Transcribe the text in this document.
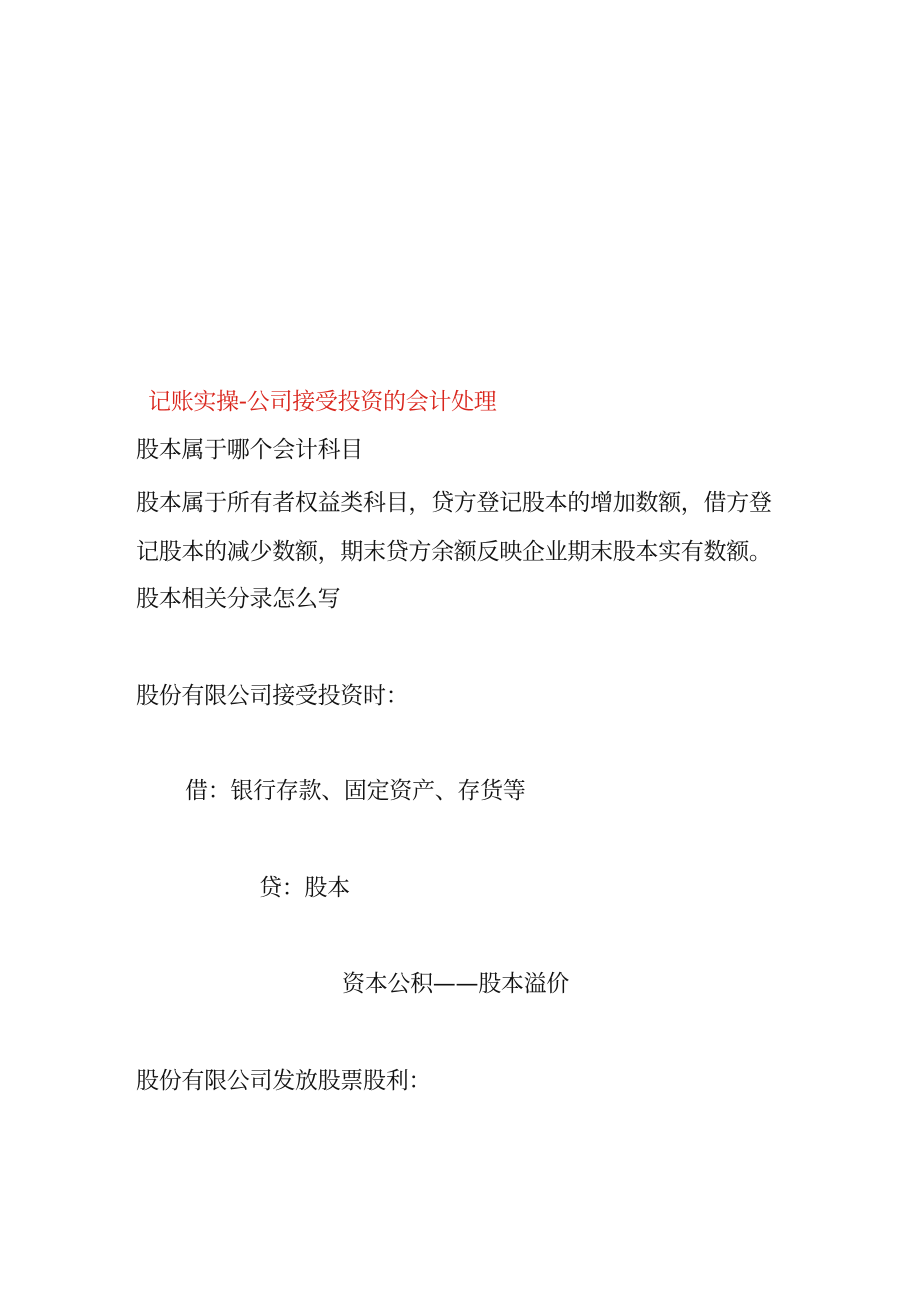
记账实操-公司接受投资的会计处理
股本属于哪个会计科目
股本属于所有者权益类科目，贷方登记股本的增加数额，借方登
记股本的减少数额，期末贷方余额反映企业期末股本实有数额。
股本相关分录怎么写
股份有限公司接受投资时：
借：银行存款、固定资产、存货等
贷：股本
资本公积——股本溢价
股份有限公司发放股票股利：
